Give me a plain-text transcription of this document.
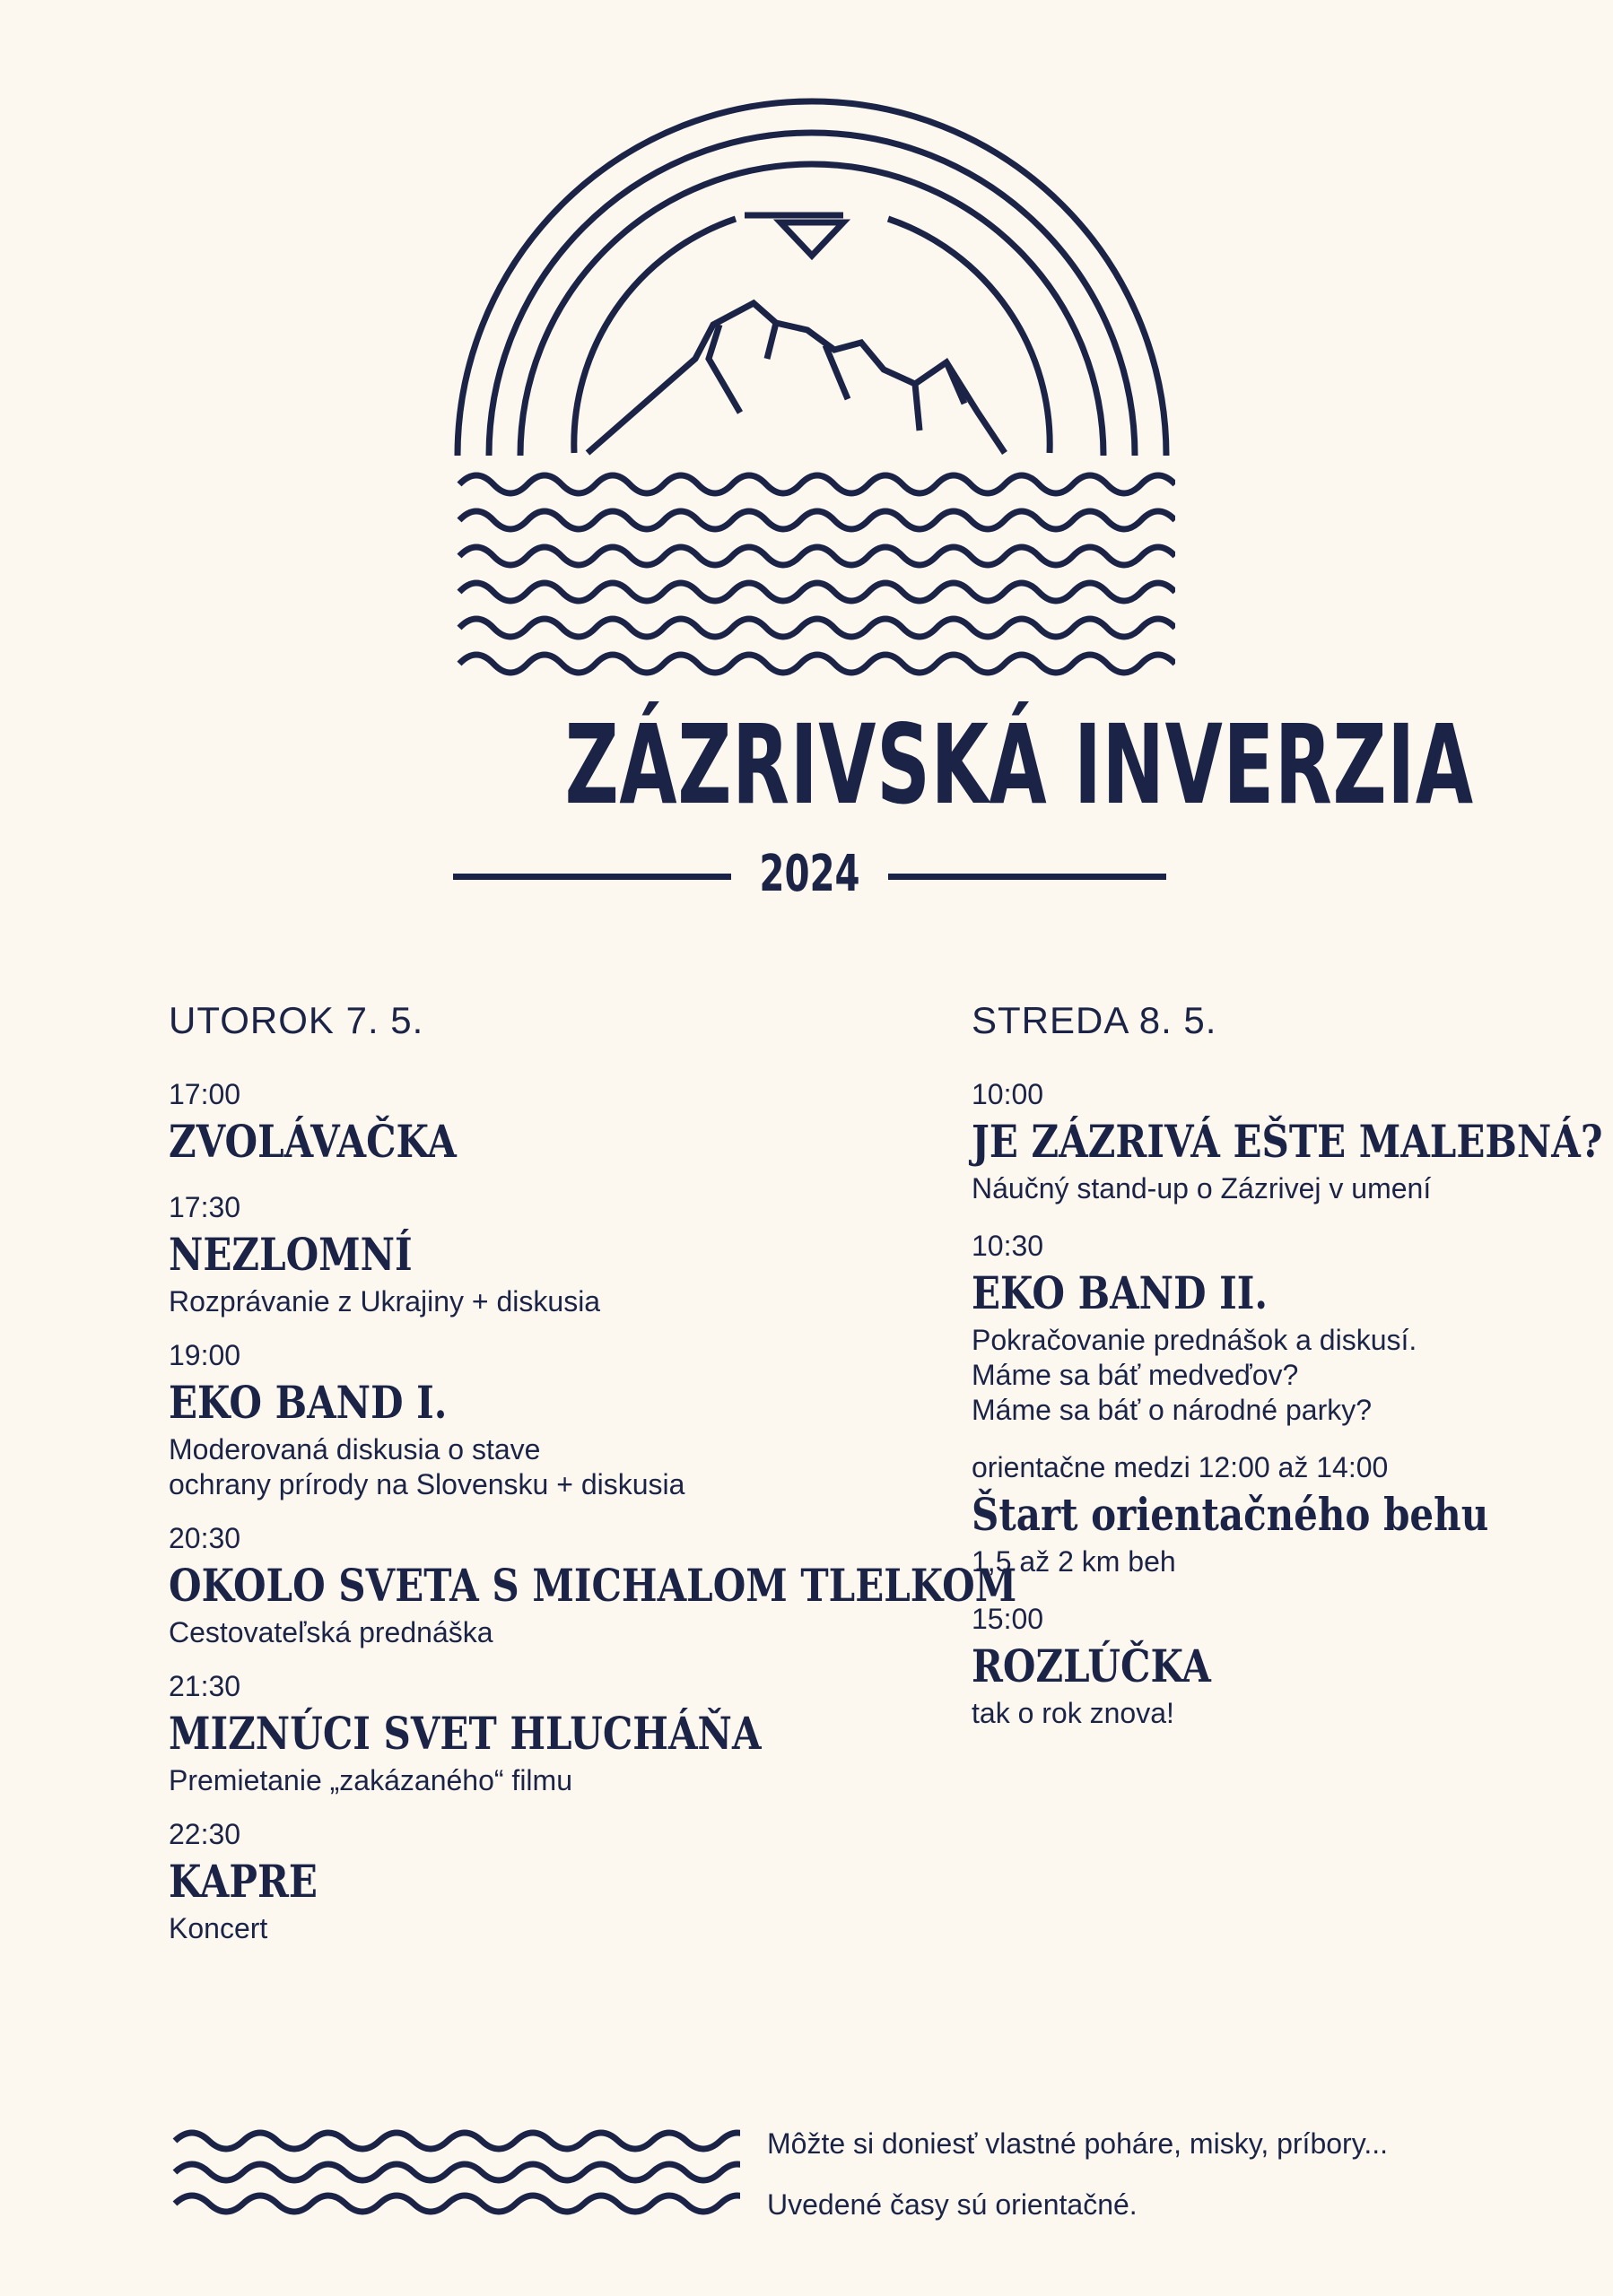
ZÁZRIVSKÁ INVERZIA
2024
UTOROK 7. 5.
17:00
ZVOLÁVAČKA
17:30
NEZLOMNÍ
Rozprávanie z Ukrajiny + diskusia
19:00
EKO BAND I.
Moderovaná diskusia o stave
ochrany prírody na Slovensku + diskusia
20:30
OKOLO SVETA S MICHALOM TLELKOM
Cestovateľská prednáška
21:30
MIZNÚCI SVET HLUCHÁŇA
Premietanie „zakázaného“ filmu
22:30
KAPRE
Koncert
STREDA 8. 5.
10:00
JE ZÁZRIVÁ EŠTE MALEBNÁ?
Náučný stand-up o Zázrivej v umení
10:30
EKO BAND II.
Pokračovanie prednášok a diskusí.
Máme sa báť medveďov?
Máme sa báť o národné parky?
orientačne medzi 12:00 až 14:00
Štart orientačného behu
1,5 až 2 km beh
15:00
ROZLÚČKA
tak o rok znova!
Môžte si doniesť vlastné poháre, misky, príbory...
Uvedené časy sú orientačné.
